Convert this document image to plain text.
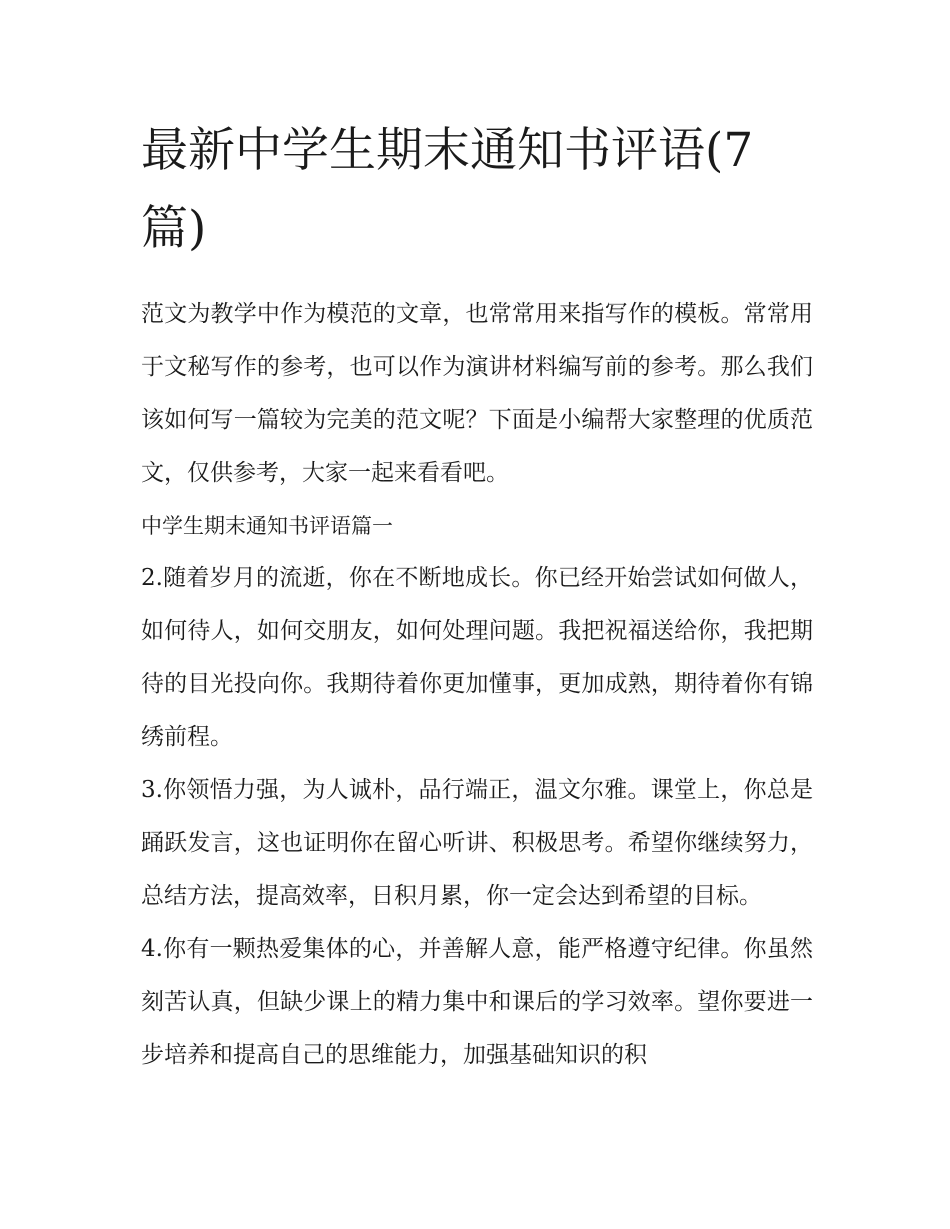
最新中学生期末通知书评语(7篇)

范文为教学中作为模范的文章，也常常用来指写作的模板。常常用于文秘写作的参考，也可以作为演讲材料编写前的参考。那么我们该如何写一篇较为完美的范文呢？下面是小编帮大家整理的优质范文，仅供参考，大家一起来看看吧。

中学生期末通知书评语篇一

2.随着岁月的流逝，你在不断地成长。你已经开始尝试如何做人，如何待人，如何交朋友，如何处理问题。我把祝福送给你，我把期待的目光投向你。我期待着你更加懂事，更加成熟，期待着你有锦绣前程。

3.你领悟力强，为人诚朴，品行端正，温文尔雅。课堂上，你总是踊跃发言，这也证明你在留心听讲、积极思考。希望你继续努力，总结方法，提高效率，日积月累，你一定会达到希望的目标。

4.你有一颗热爱集体的心，并善解人意，能严格遵守纪律。你虽然刻苦认真，但缺少课上的精力集中和课后的学习效率。望你要进一步培养和提高自己的思维能力，加强基础知识的积
